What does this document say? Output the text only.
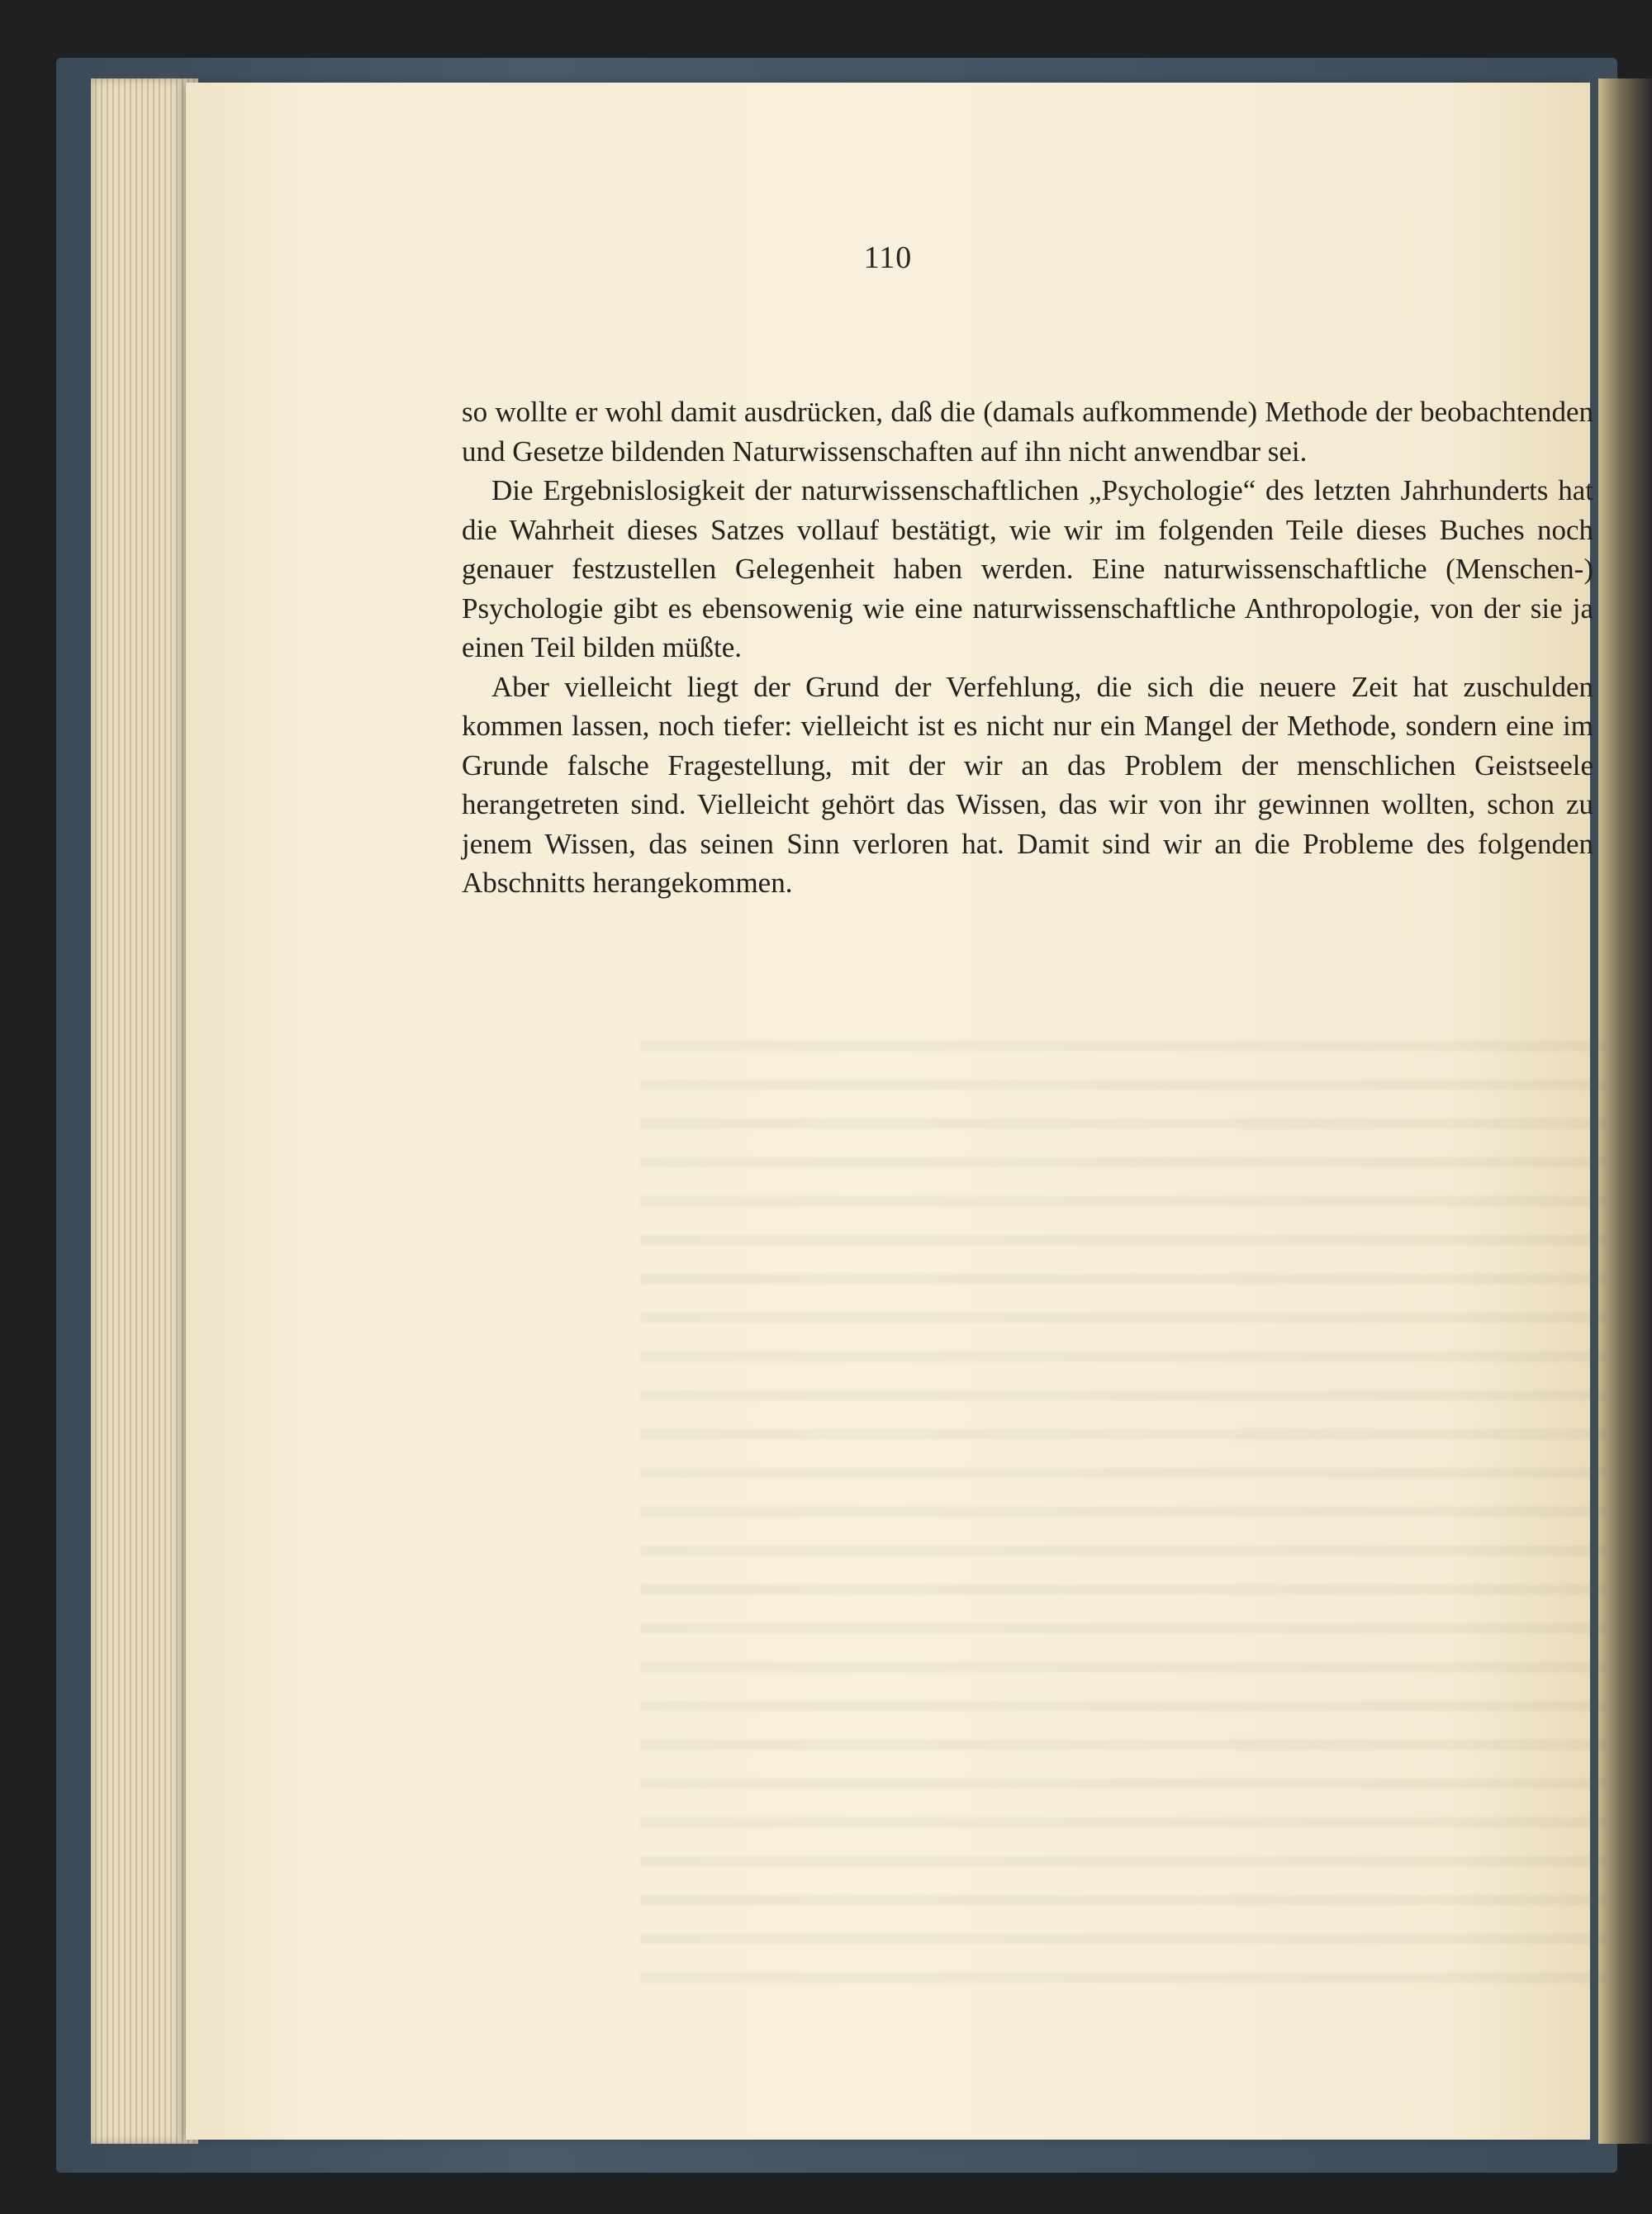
110

so wollte er wohl damit ausdrücken, daß die (damals aufkommende) Methode der beobachtenden und Gesetze bildenden Naturwissenschaften auf ihn nicht anwendbar sei.

Die Ergebnislosigkeit der naturwissenschaftlichen „Psychologie“ des letzten Jahrhunderts hat die Wahrheit dieses Satzes vollauf bestätigt, wie wir im folgenden Teile dieses Buches noch genauer festzustellen Gelegenheit haben werden. Eine naturwissenschaftliche (Menschen-) Psychologie gibt es ebensowenig wie eine naturwissenschaftliche Anthropologie, von der sie ja einen Teil bilden müßte.

Aber vielleicht liegt der Grund der Verfehlung, die sich die neuere Zeit hat zuschulden kommen lassen, noch tiefer: vielleicht ist es nicht nur ein Mangel der Methode, sondern eine im Grunde falsche Fragestellung, mit der wir an das Problem der menschlichen Geistseele herangetreten sind. Vielleicht gehört das Wissen, das wir von ihr gewinnen wollten, schon zu jenem Wissen, das seinen Sinn verloren hat. Damit sind wir an die Probleme des folgenden Abschnitts herangekommen.
